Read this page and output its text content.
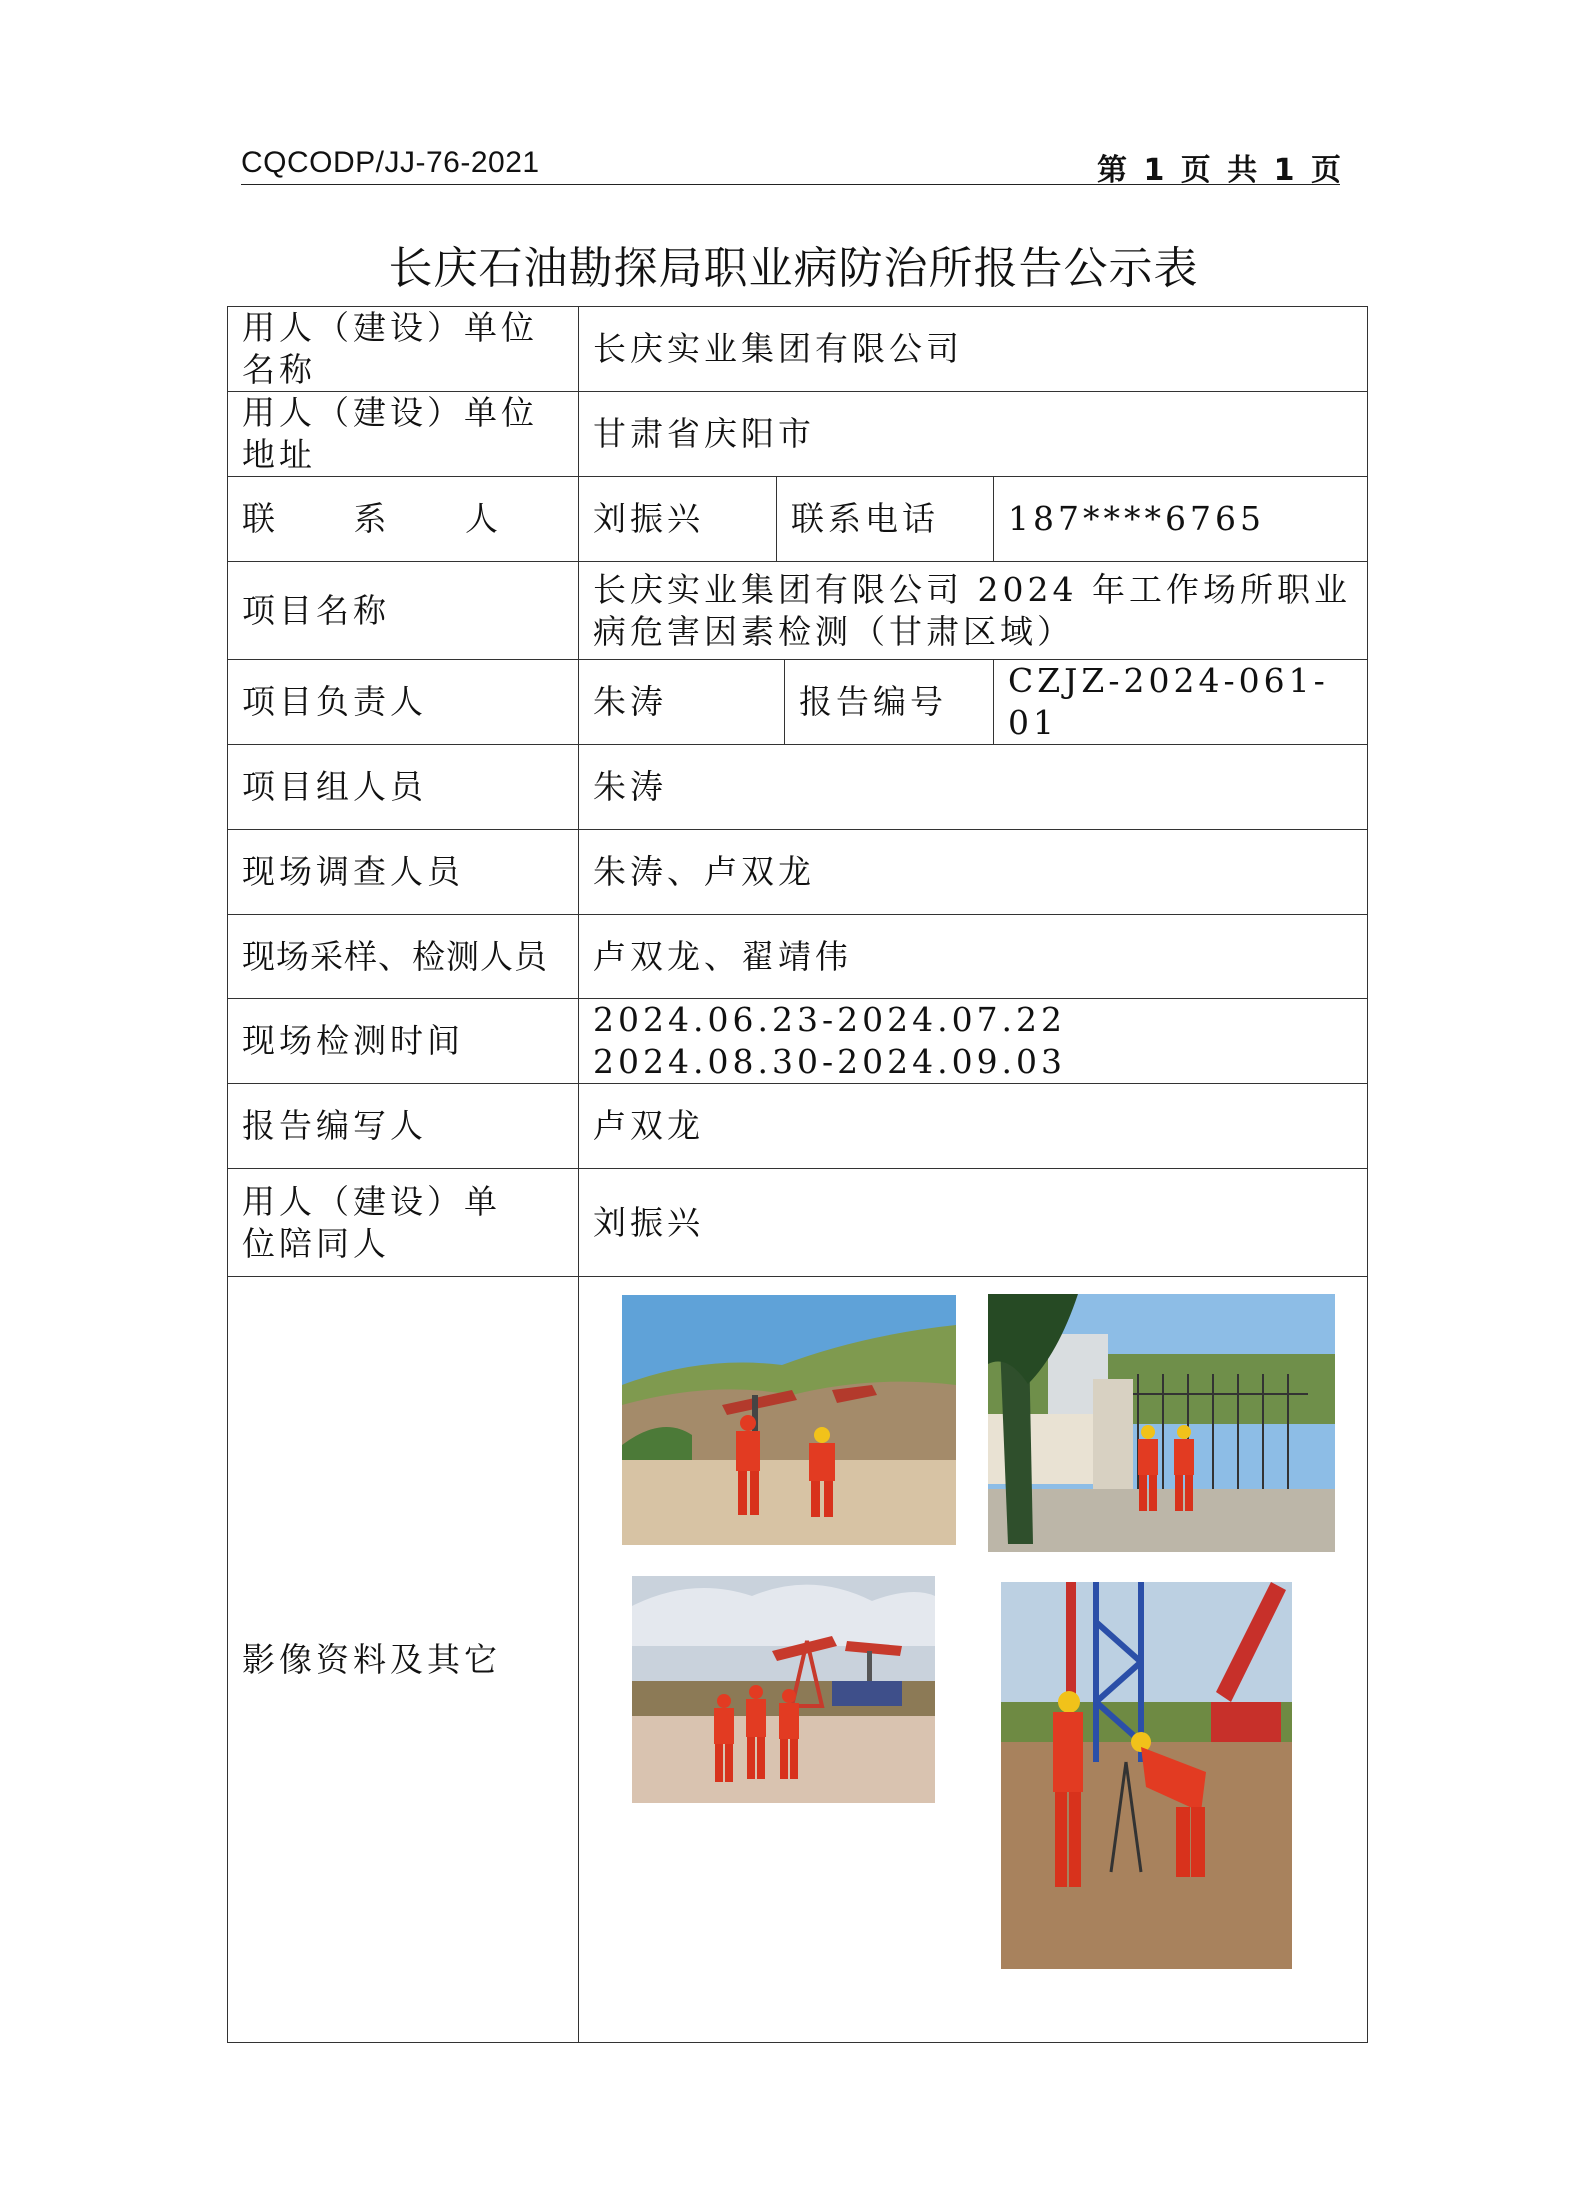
CQCODP/JJ-76-2021	第 1 页 共 1 页
长庆石油勘探局职业病防治所报告公示表
用人（建设）单位名称	长庆实业集团有限公司			
用人（建设）单位地址	甘肃省庆阳市			
联 系 人	刘振兴	联系电话		187****6765
项目名称	长庆实业集团有限公司 2024 年工作场所职业病危害因素检测（甘肃区域）			
项目负责人	朱涛		报告编号	CZJZ-2024-061-01
项目组人员	朱涛			
现场调查人员	朱涛、卢双龙			
现场采样、检测人员	卢双龙、翟靖伟			
现场检测时间	2024.06.23-2024.07.22
2024.08.30-2024.09.03			

报告编写人	卢双龙			
用人（建设）单位陪同人	刘振兴			
影像资料及其它	
